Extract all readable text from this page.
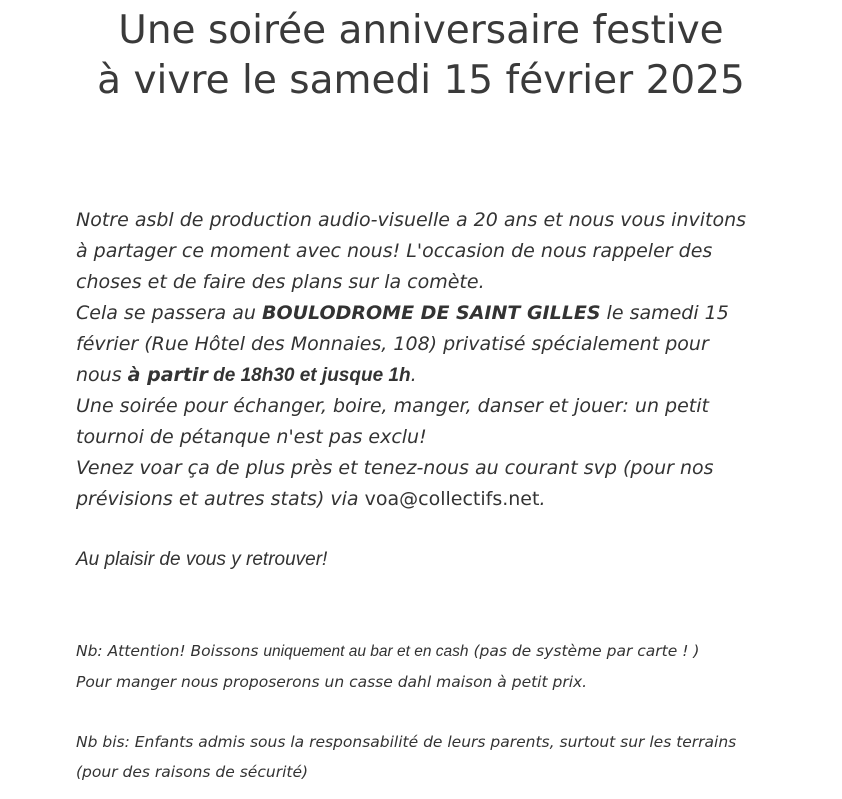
Une soirée anniversaire festive
à vivre le samedi 15 février 2025

Notre asbl de production audio-visuelle a 20 ans et nous vous invitons

à partager ce moment avec nous! L'occasion de nous rappeler des

choses et de faire des plans sur la comète.

Cela se passera au BOULODROME DE SAINT GILLES le samedi 15

février (Rue Hôtel des Monnaies, 108) privatisé spécialement pour

nous à partir de 18h30 et jusque 1h.

Une soirée pour échanger, boire, manger, danser et jouer: un petit

tournoi de pétanque n'est pas exclu!

Venez voar ça de plus près et tenez-nous au courant svp (pour nos

prévisions et autres stats) via voa@collectifs.net.

Au plaisir de vous y retrouver!

Nb: Attention! Boissons uniquement au bar et en cash (pas de système par carte ! )

Pour manger nous proposerons un casse dahl maison à petit prix.

Nb bis: Enfants admis sous la responsabilité de leurs parents, surtout sur les terrains

(pour des raisons de sécurité)
